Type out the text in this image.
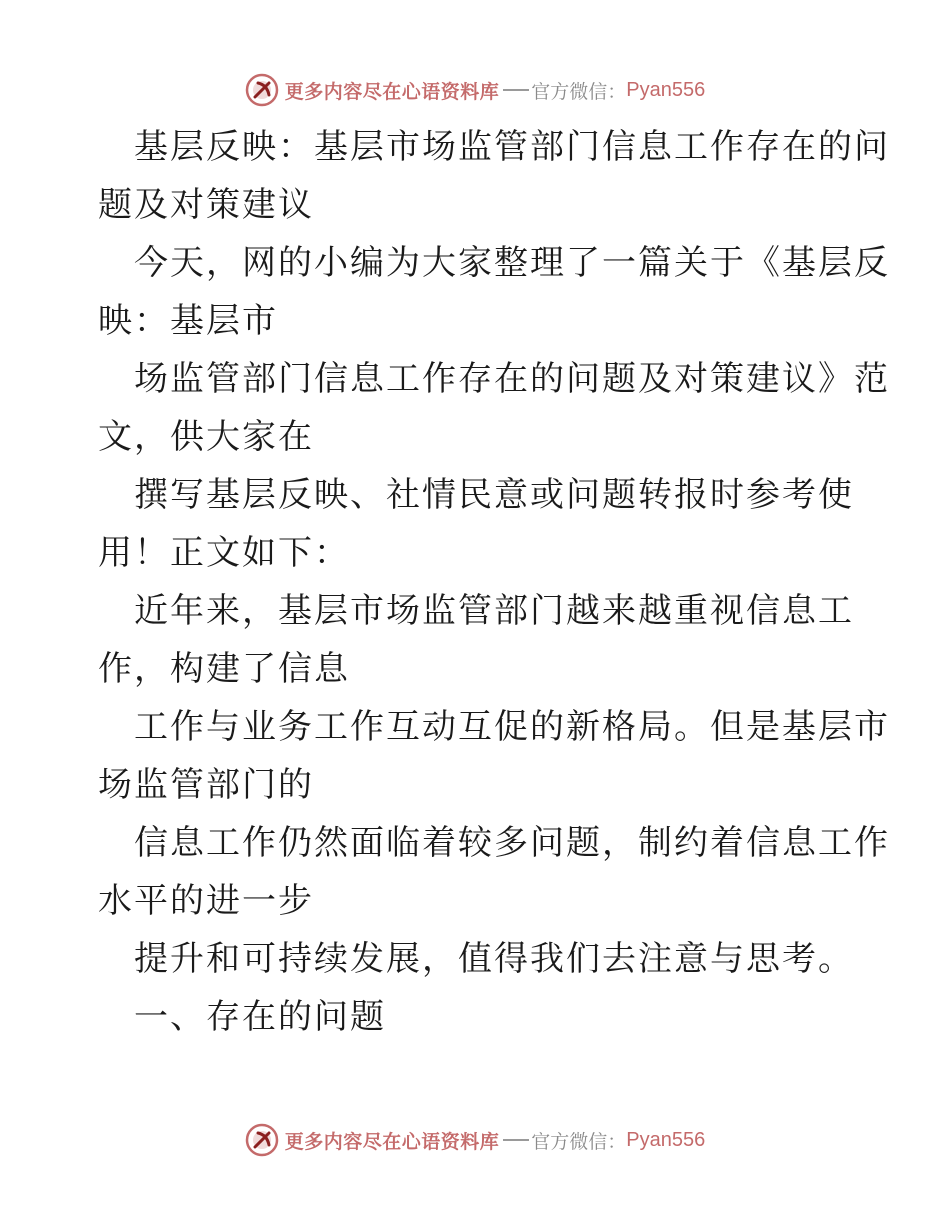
更多内容尽在心语资料库 官方微信： Pyan556
基层反映：基层市场监管部门信息工作存在的问
题及对策建议
今天，网的小编为大家整理了一篇关于《基层反
映：基层市
场监管部门信息工作存在的问题及对策建议》范
文，供大家在
撰写基层反映、社情民意或问题转报时参考使
用！正文如下：
近年来，基层市场监管部门越来越重视信息工
作，构建了信息
工作与业务工作互动互促的新格局。但是基层市
场监管部门的
信息工作仍然面临着较多问题，制约着信息工作
水平的进一步
提升和可持续发展，值得我们去注意与思考。
一、存在的问题
更多内容尽在心语资料库 官方微信： Pyan556
